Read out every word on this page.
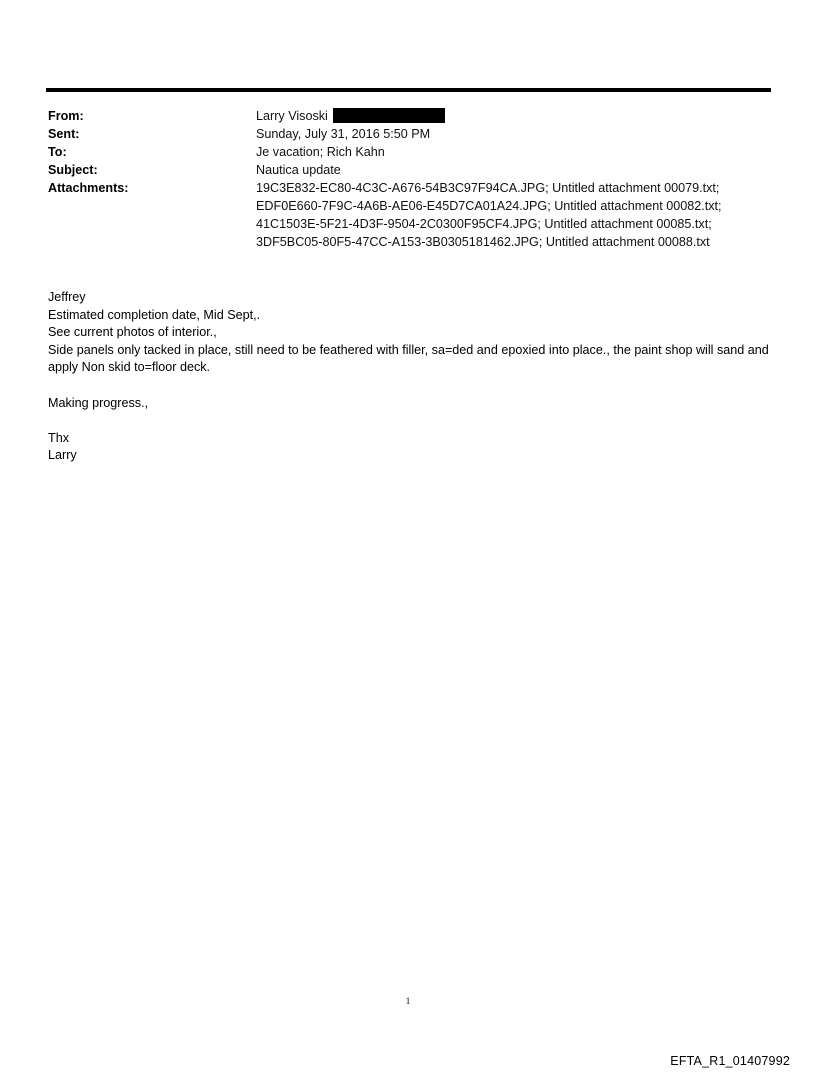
From:	Larry Visoski
Sent:	Sunday, July 31, 2016 5:50 PM
To:	Je vacation; Rich Kahn
Subject:	Nautica update
Attachments:	19C3E832-EC80-4C3C-A676-54B3C97F94CA.JPG; Untitled attachment 00079.txt;
EDF0E660-7F9C-4A6B-AE06-E45D7CA01A24.JPG; Untitled attachment 00082.txt;
41C1503E-5F21-4D3F-9504-2C0300F95CF4.JPG; Untitled attachment 00085.txt;
3DF5BC05-80F5-47CC-A153-3B0305181462.JPG; Untitled attachment 00088.txt

Jeffrey

Estimated completion date, Mid Sept,.

See current photos of interior.,

Side panels only tacked in place, still need to be feathered with filler, sa=ded and epoxied into place., the paint shop will sand and apply Non skid to=floor deck.

Making progress.,

Thx

Larry

1
EFTA_R1_01407992
